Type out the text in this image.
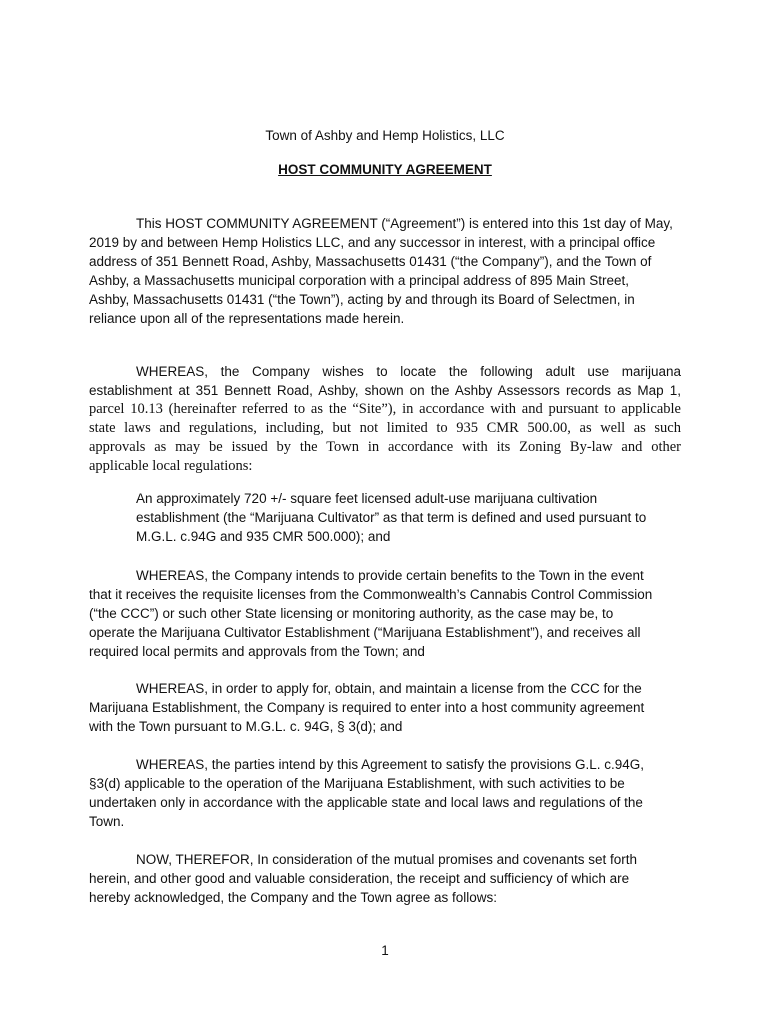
Town of Ashby and Hemp Holistics, LLC
HOST COMMUNITY AGREEMENT
This HOST COMMUNITY AGREEMENT (“Agreement”) is entered into this 1st day of May,
2019 by and between Hemp Holistics LLC, and any successor in interest, with a principal office
address of 351 Bennett Road, Ashby, Massachusetts 01431 (“the Company”), and the Town of
Ashby, a Massachusetts municipal corporation with a principal address of 895 Main Street,
Ashby, Massachusetts 01431 (“the Town”), acting by and through its Board of Selectmen, in
reliance upon all of the representations made herein.
WHEREAS, the Company wishes to locate the following adult use marijuana
establishment at 351 Bennett Road, Ashby, shown on the Ashby Assessors records as Map 1,
parcel 10.13 (hereinafter referred to as the “Site”), in accordance with and pursuant to applicable
state laws and regulations, including, but not limited to 935 CMR 500.00, as well as such
approvals as may be issued by the Town in accordance with its Zoning By-law and other
applicable local regulations:
An approximately 720 +/- square feet licensed adult-use marijuana cultivation
establishment (the “Marijuana Cultivator” as that term is defined and used pursuant to
M.G.L. c.94G and 935 CMR 500.000); and
WHEREAS, the Company intends to provide certain benefits to the Town in the event
that it receives the requisite licenses from the Commonwealth’s Cannabis Control Commission
(“the CCC”) or such other State licensing or monitoring authority, as the case may be, to
operate the Marijuana Cultivator Establishment (“Marijuana Establishment”), and receives all
required local permits and approvals from the Town; and
WHEREAS, in order to apply for, obtain, and maintain a license from the CCC for the
Marijuana Establishment, the Company is required to enter into a host community agreement
with the Town pursuant to M.G.L. c. 94G, § 3(d); and
WHEREAS, the parties intend by this Agreement to satisfy the provisions G.L. c.94G,
§3(d) applicable to the operation of the Marijuana Establishment, with such activities to be
undertaken only in accordance with the applicable state and local laws and regulations of the
Town.
NOW, THEREFOR, In consideration of the mutual promises and covenants set forth
herein, and other good and valuable consideration, the receipt and sufficiency of which are
hereby acknowledged, the Company and the Town agree as follows:
1
